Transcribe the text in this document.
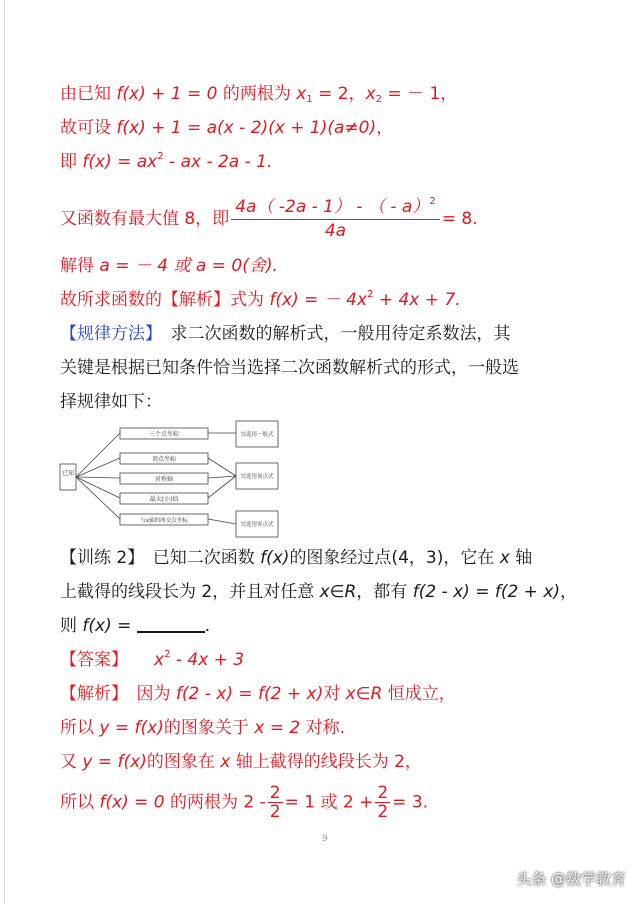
由已知 f(x) + 1 = 0 的两根为 $x_1 = 2$，$x_2$ = － 1，
故可设 f(x) + 1 = a(x - 2)(x + 1)(a≠0)，
即 $f(x) = ax^2$ - ax - 2a - 1.
又函数有最大值 8，即 $\frac{4a( -2a - 1) - ( - a)^2}{4a} = 8$.
解得 a = － 4 或 a = 0(舍).
故所求函数的【解析】式为 f(x) = － $4x^2 + 4x + 7$.
【规律方法】　求二次函数的解析式，一般用待定系数法，其
关键是根据已知条件恰当选择二次函数解析式的形式，一般选
择规律如下：
已知
三个点坐标
顶点坐标
对称轴
最大(小)值
与x轴的两交点坐标
宜选用一般式
宜选用顶点式
宜选用零点式
【训练 2】　已知二次函数 f(x)的图象经过点(4，3)，它在 x 轴
上截得的线段长为 2，并且对任意 x∈R，都有 f(2 - x) = f(2 + x)，
则 f(x) =	.
【答案】 $x^2 - 4x + 3$
【解析】　因为 f(2 - x) = f(2 + x)对 x∈R 恒成立，
所以 y = f(x)的图象关于 x = 2 对称.
又 y = f(x)的图象在 x 轴上截得的线段长为 2，
所以 f(x) = 0 的两根为 $2 - \frac{2}{2} = 1$ 或 $2 + \frac{2}{2} = 3$.
9
头条 @数学教育
